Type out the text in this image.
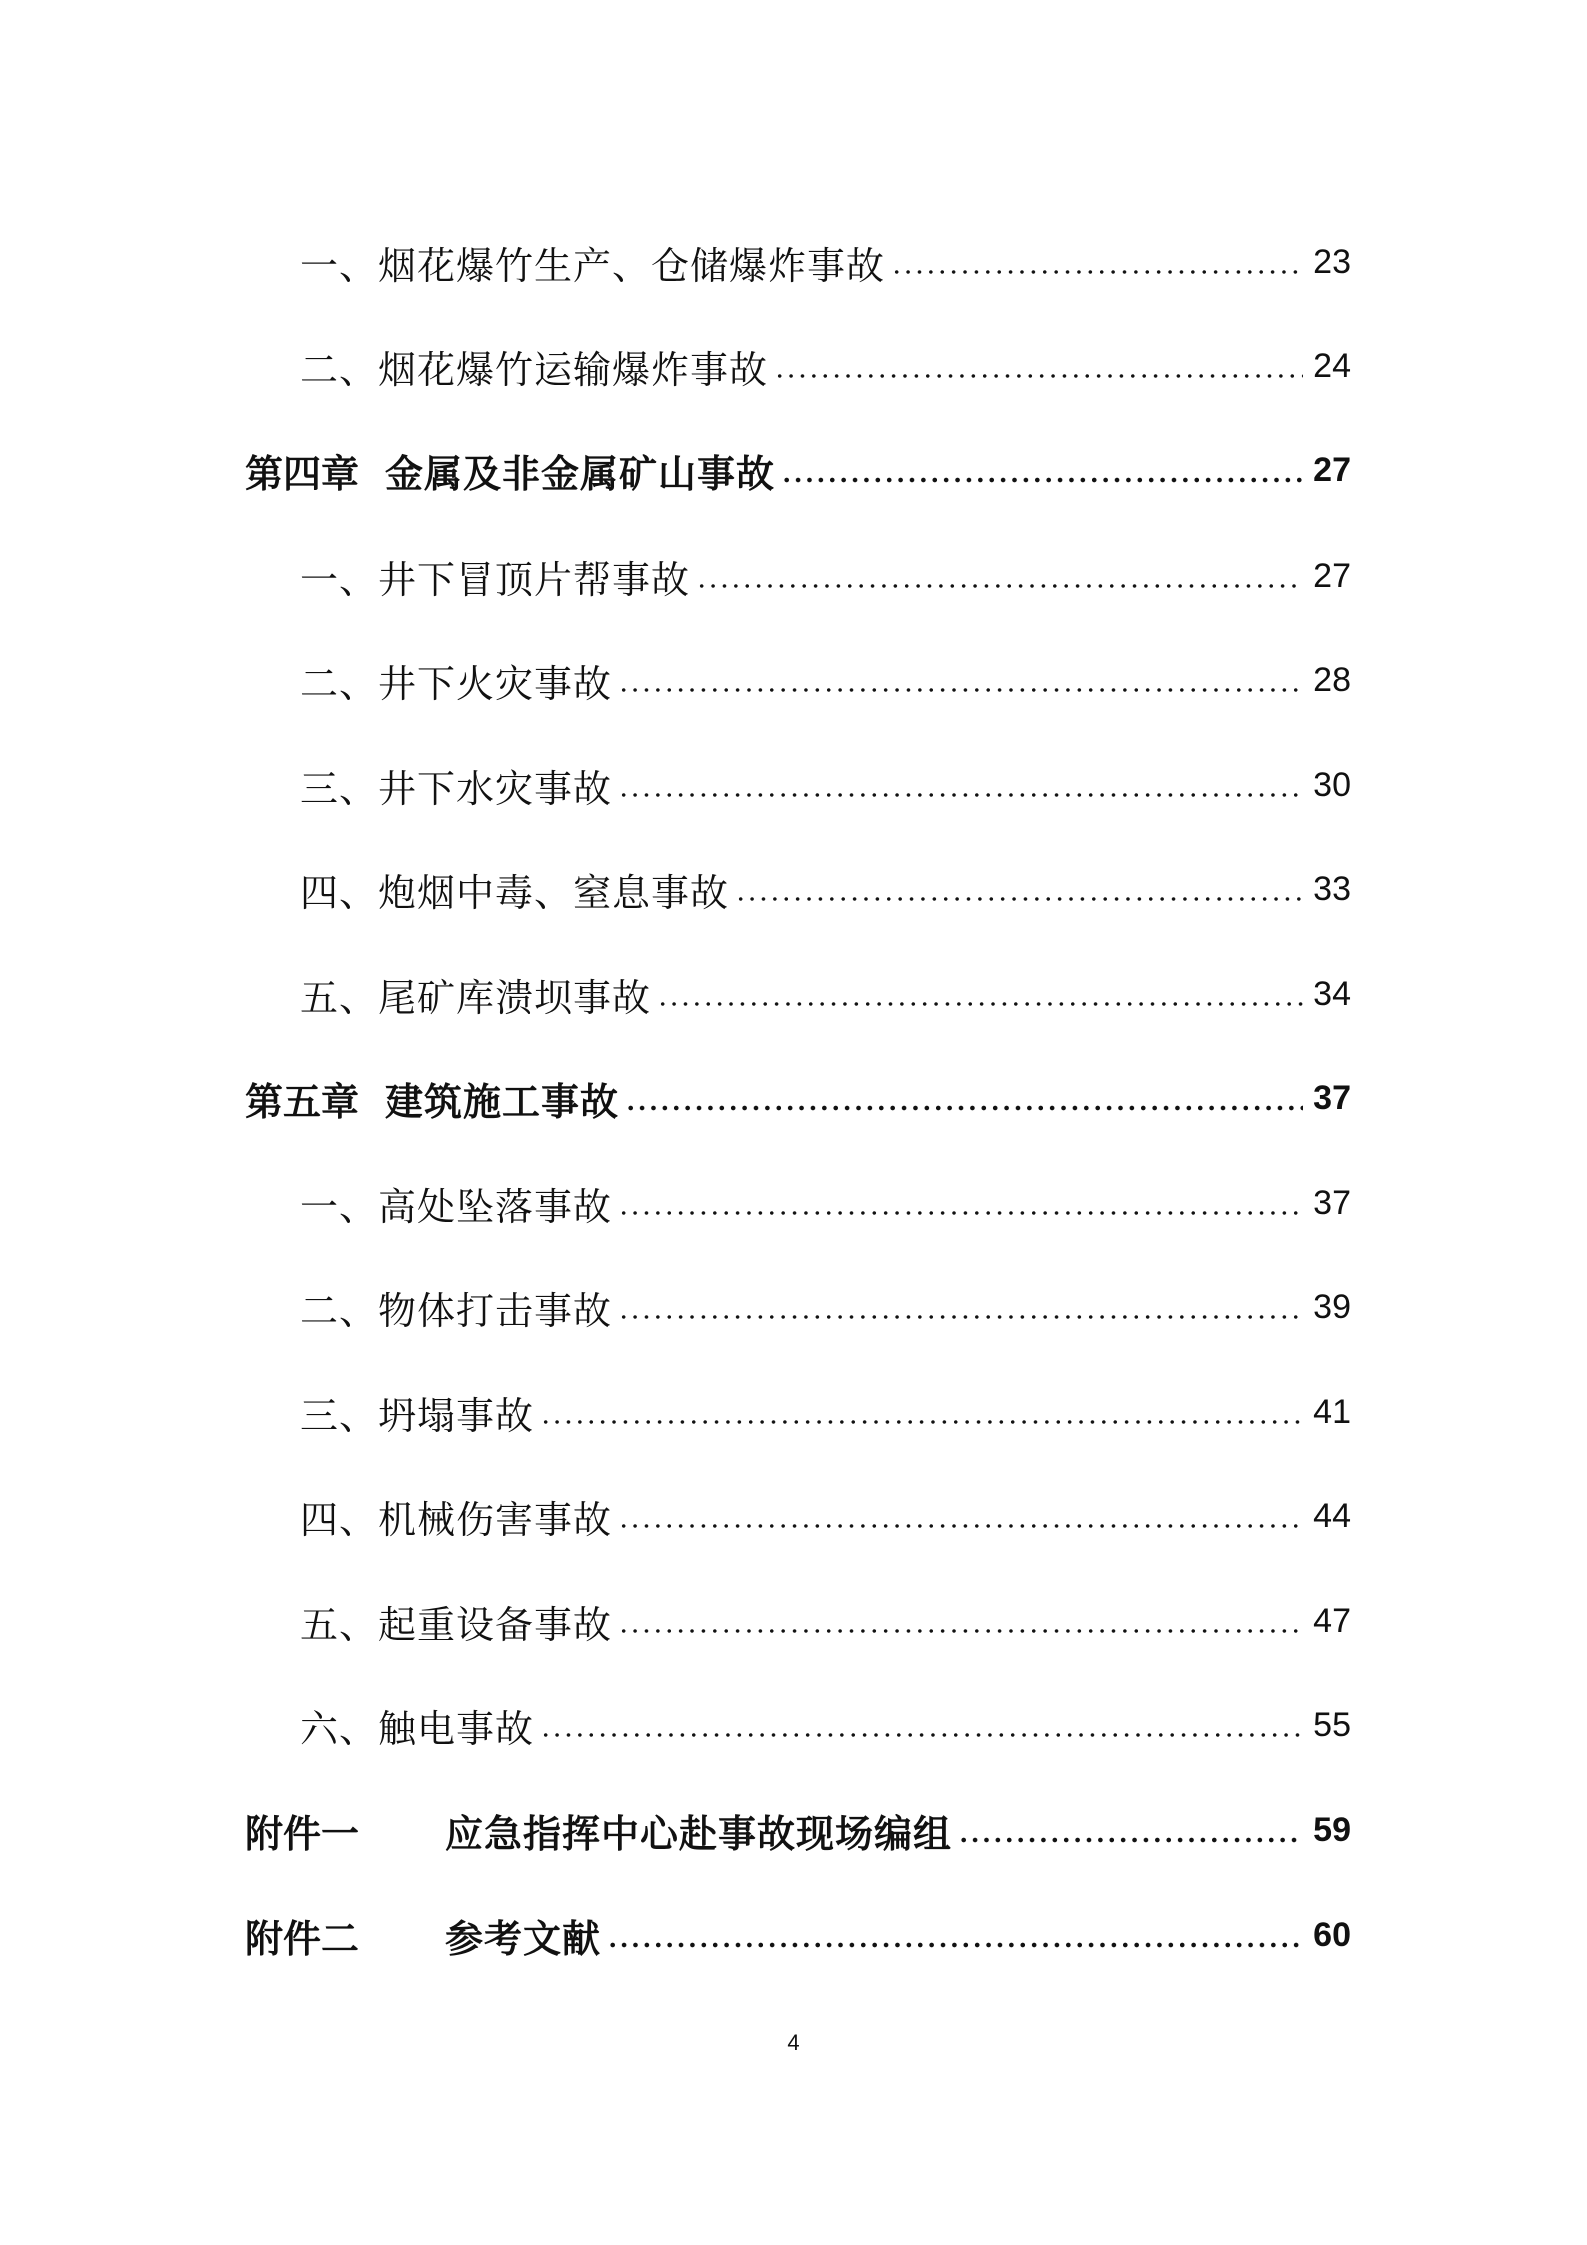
一、烟花爆竹生产、仓储爆炸事故	23
二、烟花爆竹运输爆炸事故	24
第四章 金属及非金属矿山事故	27
一、井下冒顶片帮事故	27
二、井下火灾事故	28
三、井下水灾事故	30
四、炮烟中毒、窒息事故	33
五、尾矿库溃坝事故	34
第五章 建筑施工事故	37
一、高处坠落事故	37
二、物体打击事故	39
三、坍塌事故	41
四、机械伤害事故	44
五、起重设备事故	47
六、触电事故	55
附件一	应急指挥中心赴事故现场编组	59
附件二	参考文献	60
4
